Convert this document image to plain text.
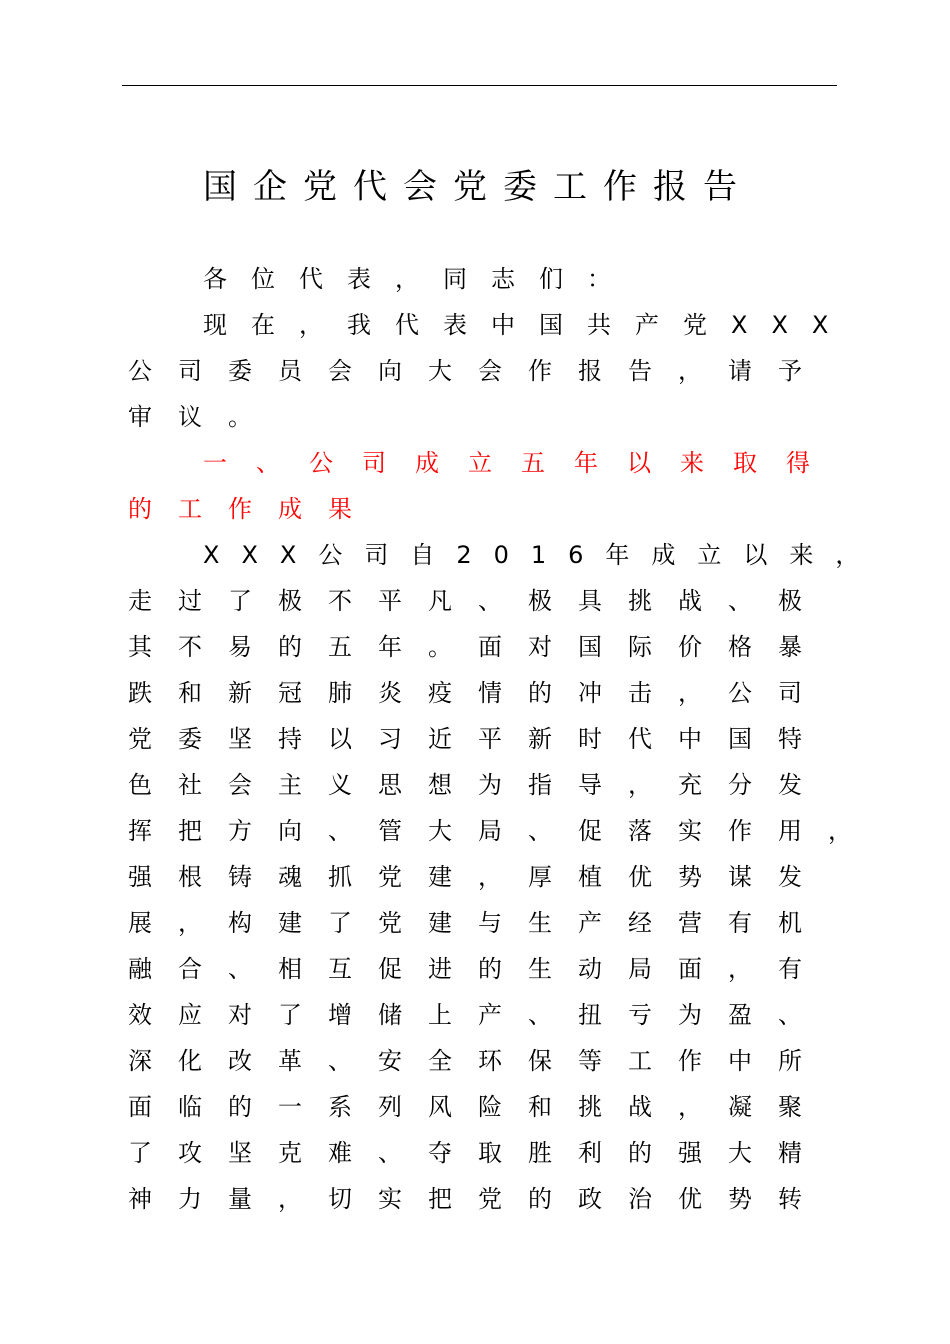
国企党代会党委工作报告
各位代表，同志们：
现在，我代表中国共产党XXX
公司委员会向大会作报告，请予
审议。
一、公司成立五年以来取得
的工作成果
XXX公司自2016年成立以来，
走过了极不平凡、极具挑战、极
其不易的五年。面对国际价格暴
跌和新冠肺炎疫情的冲击，公司
党委坚持以习近平新时代中国特
色社会主义思想为指导，充分发
挥把方向、管大局、促落实作用，
强根铸魂抓党建，厚植优势谋发
展，构建了党建与生产经营有机
融合、相互促进的生动局面，有
效应对了增储上产、扭亏为盈、
深化改革、安全环保等工作中所
面临的一系列风险和挑战，凝聚
了攻坚克难、夺取胜利的强大精
神力量，切实把党的政治优势转
